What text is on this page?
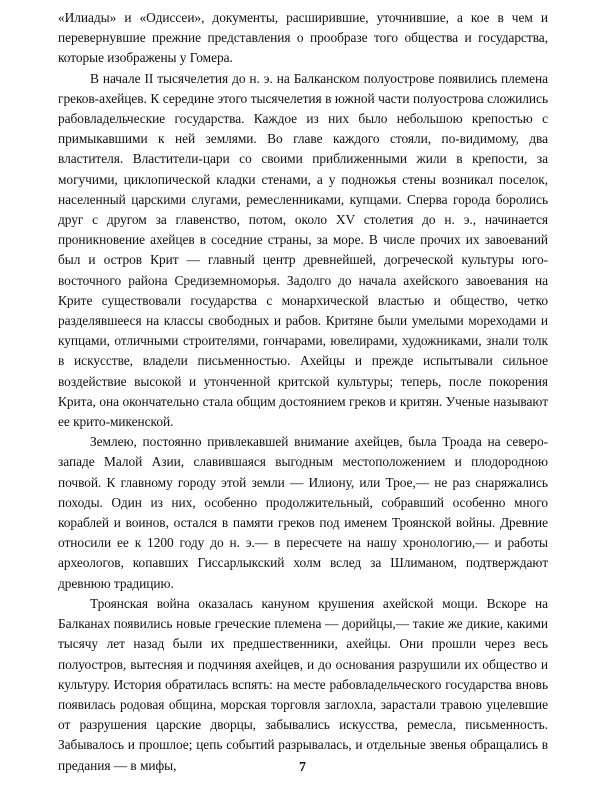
«Илиады» и «Одиссеи», документы, расширившие, уточнившие, а кое в чем и перевернувшие прежние представления о прообразе того общества и государства, которые изображены у Гомера.

В начале II тысячелетия до н. э. на Балканском полуострове появились племена греков-ахейцев. К середине этого тысячелетия в южной части полуострова сложились рабовладельческие государства. Каждое из них было небольшою крепостью с примыкавшими к ней землями. Во главе каждого стояли, по-видимому, два властителя. Властители-цари со своими приближенными жили в крепости, за могучими, циклопической кладки стенами, а у подножья стены возникал поселок, населенный царскими слугами, ремесленниками, купцами. Сперва города боролись друг с другом за главенство, потом, около XV столетия до н. э., начинается проникновение ахейцев в соседние страны, за море. В числе прочих их завоеваний был и остров Крит — главный центр древнейшей, догреческой культуры юго-восточного района Средиземноморья. Задолго до начала ахейского завоевания на Крите существовали государства с монархической властью и общество, четко разделявшееся на классы свободных и рабов. Критяне были умелыми мореходами и купцами, отличными строителями, гончарами, ювелирами, художниками, знали толк в искусстве, владели письменностью. Ахейцы и прежде испытывали сильное воздействие высокой и утонченной критской культуры; теперь, после покорения Крита, она окончательно стала общим достоянием греков и критян. Ученые называют ее крито-микенской.

Землею, постоянно привлекавшей внимание ахейцев, была Троада на северо-западе Малой Азии, славившаяся выгодным местоположением и плодородною почвой. К главному городу этой земли — Илиону, или Трое,— не раз снаряжались походы. Один из них, особенно продолжительный, собравший особенно много кораблей и воинов, остался в памяти греков под именем Троянской войны. Древние относили ее к 1200 году до н. э.— в пересчете на нашу хронологию,— и работы археологов, копавших Гиссарлыкский холм вслед за Шлиманом, подтверждают древнюю традицию.

Троянская война оказалась кануном крушения ахейской мощи. Вскоре на Балканах появились новые греческие племена — дорийцы,— такие же дикие, какими тысячу лет назад были их предшественники, ахейцы. Они прошли через весь полуостров, вытесняя и подчиняя ахейцев, и до основания разрушили их общество и культуру. История обратилась вспять: на месте рабовладельческого государства вновь появилась родовая община, морская торговля заглохла, зарастали травою уцелевшие от разрушения царские дворцы, забывались искусства, ремесла, письменность. Забывалось и прошлое; цепь событий разрывалась, и отдельные звенья обращались в предания — в мифы,	7
